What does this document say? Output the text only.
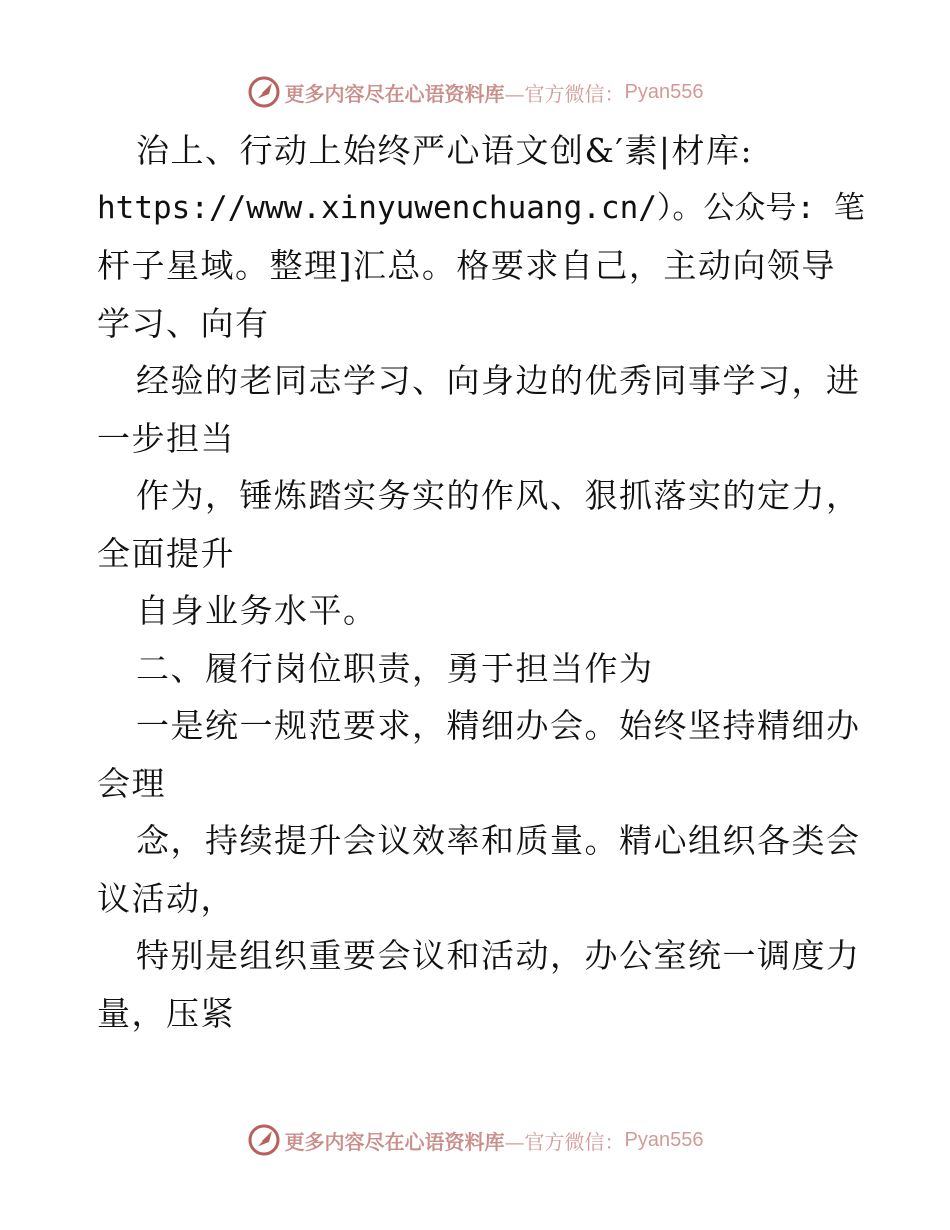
更多内容尽在心语资料库 —官方微信： Pyan556
治上、行动上始终严心语文创&′素|材库:
https://www.xinyuwenchuang.cn/）。公众号: 笔
杆子星域。整理]汇总。格要求自己，主动向领导
学习、向有
经验的老同志学习、向身边的优秀同事学习，进
一步担当
作为，锤炼踏实务实的作风、狠抓落实的定力，
全面提升
自身业务水平。
二、履行岗位职责，勇于担当作为
一是统一规范要求，精细办会。始终坚持精细办
会理
念，持续提升会议效率和质量。精心组织各类会
议活动，
特别是组织重要会议和活动，办公室统一调度力
量，压紧
更多内容尽在心语资料库 —官方微信： Pyan556
